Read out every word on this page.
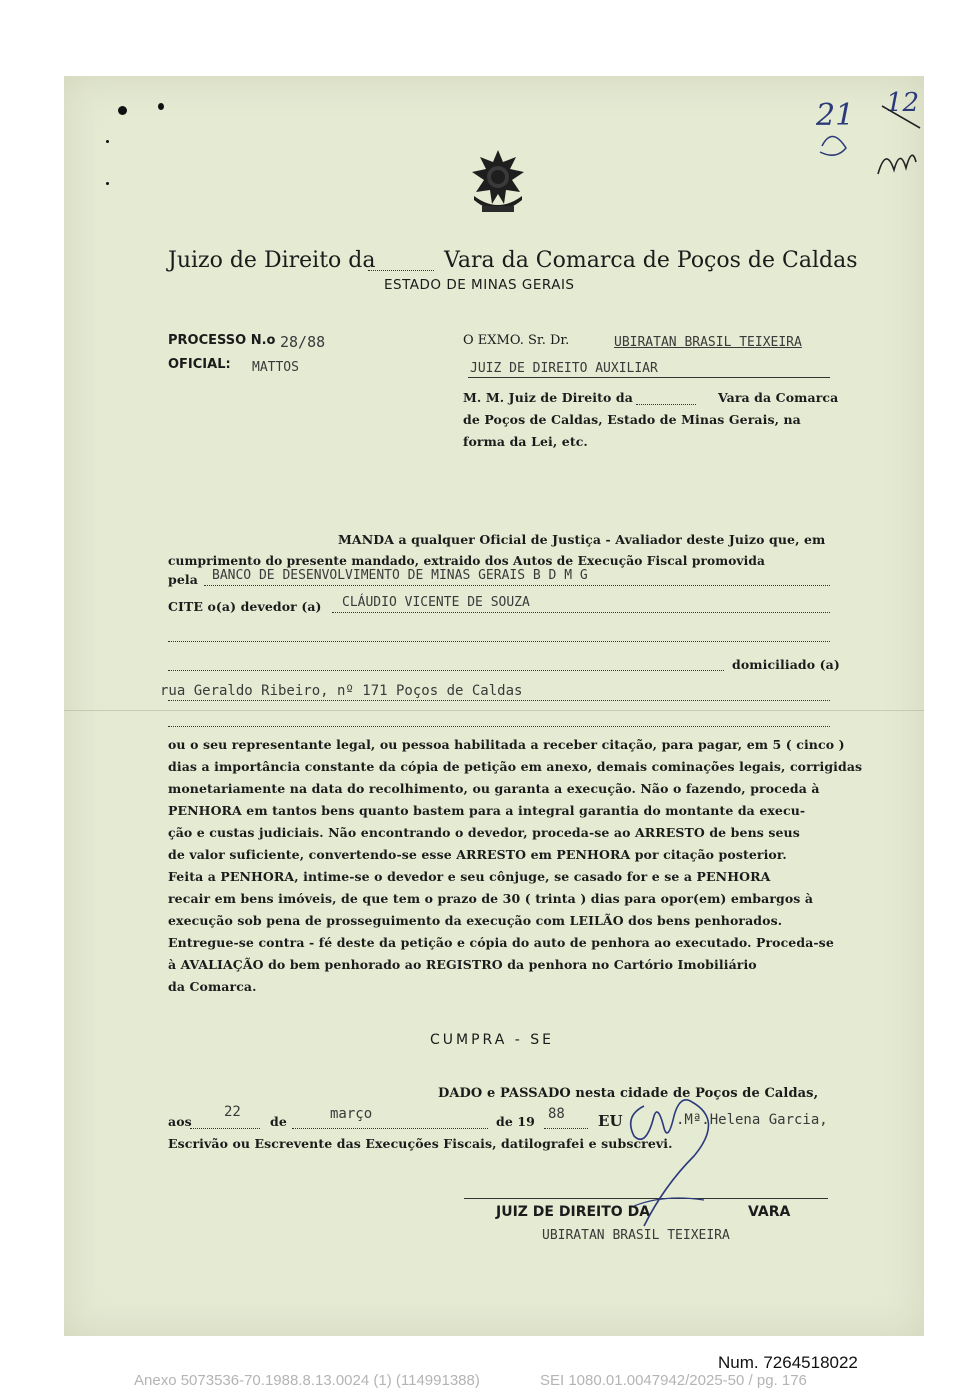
Juizo de Direito da	Vara da Comarca de Poços de Caldas
ESTADO DE MINAS GERAIS
PROCESSO N.o 28/88
OFICIAL: MATTOS
O EXMO. Sr. Dr.	UBIRATAN BRASIL TEIXEIRA
JUIZ DE DIREITO AUXILIAR
M. M. Juiz de Direito da	Vara da Comarca
de Poços de Caldas, Estado de Minas Gerais, na
forma da Lei, etc.
MANDA a qualquer Oficial de Justiça - Avaliador deste Juizo que, em
cumprimento do presente mandado, extraido dos Autos de Execução Fiscal promovida
pela BANCO DE DESENVOLVIMENTO DE MINAS GERAIS B D M G
CITE o(a) devedor (a) CLÁUDIO VICENTE DE SOUZA
domiciliado (a)
rua Geraldo Ribeiro, nº 171 Poços de Caldas
ou o seu representante legal, ou pessoa habilitada a receber citação, para pagar, em 5 ( cinco )
dias a importância constante da cópia de petição em anexo, demais cominações legais, corrigidas
monetariamente na data do recolhimento, ou garanta a execução. Não o fazendo, proceda à
PENHORA em tantos bens quanto bastem para a integral garantia do montante da execu-
ção e custas judiciais. Não encontrando o devedor, proceda-se ao ARRESTO de bens seus
de valor suficiente, convertendo-se esse ARRESTO em PENHORA por citação posterior.
Feita a PENHORA, intime-se o devedor e seu cônjuge, se casado for e se a PENHORA
recair em bens imóveis, de que tem o prazo de 30 ( trinta ) dias para opor(em) embargos à
execução sob pena de prosseguimento da execução com LEILÃO dos bens penhorados.
Entregue-se contra - fé deste da petição e cópia do auto de penhora ao executado. Proceda-se
à AVALIAÇÃO do bem penhorado ao REGISTRO da penhora no Cartório Imobiliário
da Comarca.
CUMPRA - SE
DADO e PASSADO nesta cidade de Poços de Caldas,
aos
22
de	março	de 19 88 EU	.Mª.Helena Garcia,
Escrivão ou Escrevente das Execuções Fiscais, datilografei e subscrevi.
JUIZ DE DIREITO DA	VARA
UBIRATAN BRASIL TEIXEIRA
21 12
Num. 7264518022
Anexo 5073536-70.1988.8.13.0024 (1) (114991388)	SEI 1080.01.0047942/2025-50 / pg. 176
